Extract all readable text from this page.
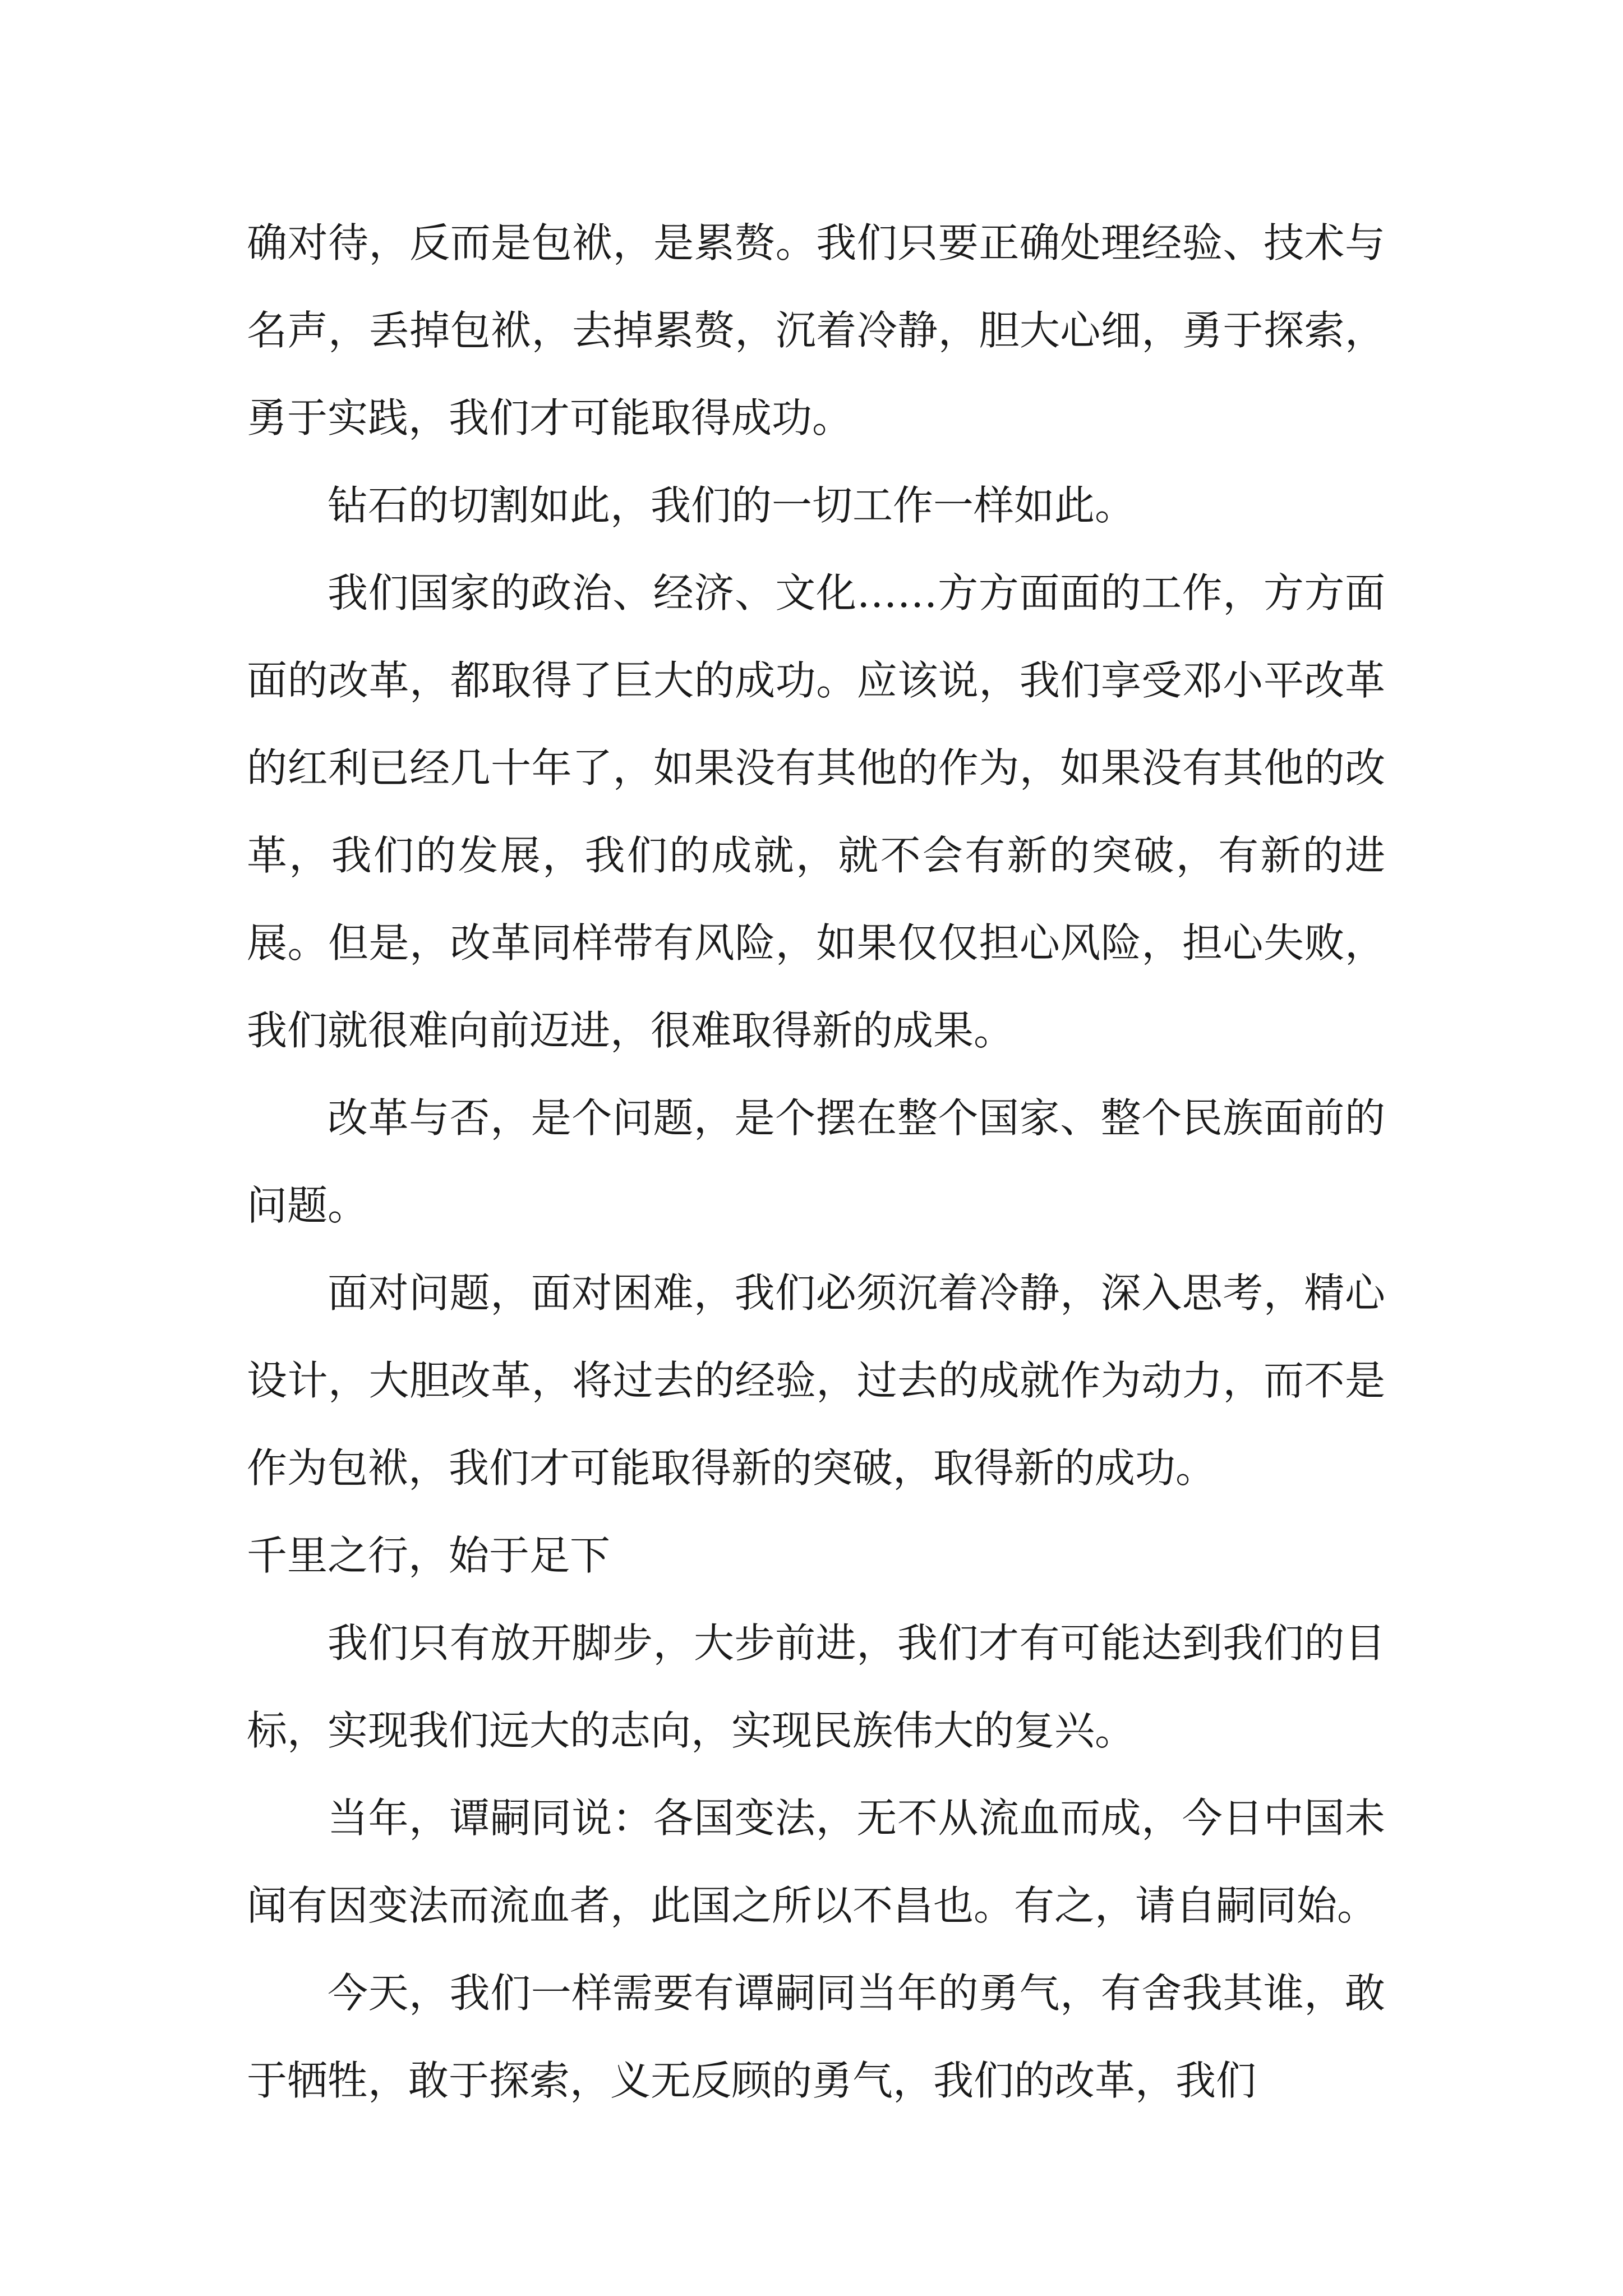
确对待，反而是包袱，是累赘。我们只要正确处理经验、技术与名声，丢掉包袱，去掉累赘，沉着冷静，胆大心细，勇于探索，勇于实践，我们才可能取得成功。

钻石的切割如此，我们的一切工作一样如此。

我们国家的政治、经济、文化……方方面面的工作，方方面面的改革，都取得了巨大的成功。应该说，我们享受邓小平改革的红利已经几十年了，如果没有其他的作为，如果没有其他的改革，我们的发展，我们的成就，就不会有新的突破，有新的进展。但是，改革同样带有风险，如果仅仅担心风险，担心失败，我们就很难向前迈进，很难取得新的成果。

改革与否，是个问题，是个摆在整个国家、整个民族面前的问题。

面对问题，面对困难，我们必须沉着冷静，深入思考，精心设计，大胆改革，将过去的经验，过去的成就作为动力，而不是作为包袱，我们才可能取得新的突破，取得新的成功。

千里之行，始于足下

我们只有放开脚步，大步前进，我们才有可能达到我们的目标，实现我们远大的志向，实现民族伟大的复兴。

当年，谭嗣同说：各国变法，无不从流血而成，今日中国未闻有因变法而流血者，此国之所以不昌也。有之，请自嗣同始。

今天，我们一样需要有谭嗣同当年的勇气，有舍我其谁，敢于牺牲，敢于探索，义无反顾的勇气，我们的改革，我们
